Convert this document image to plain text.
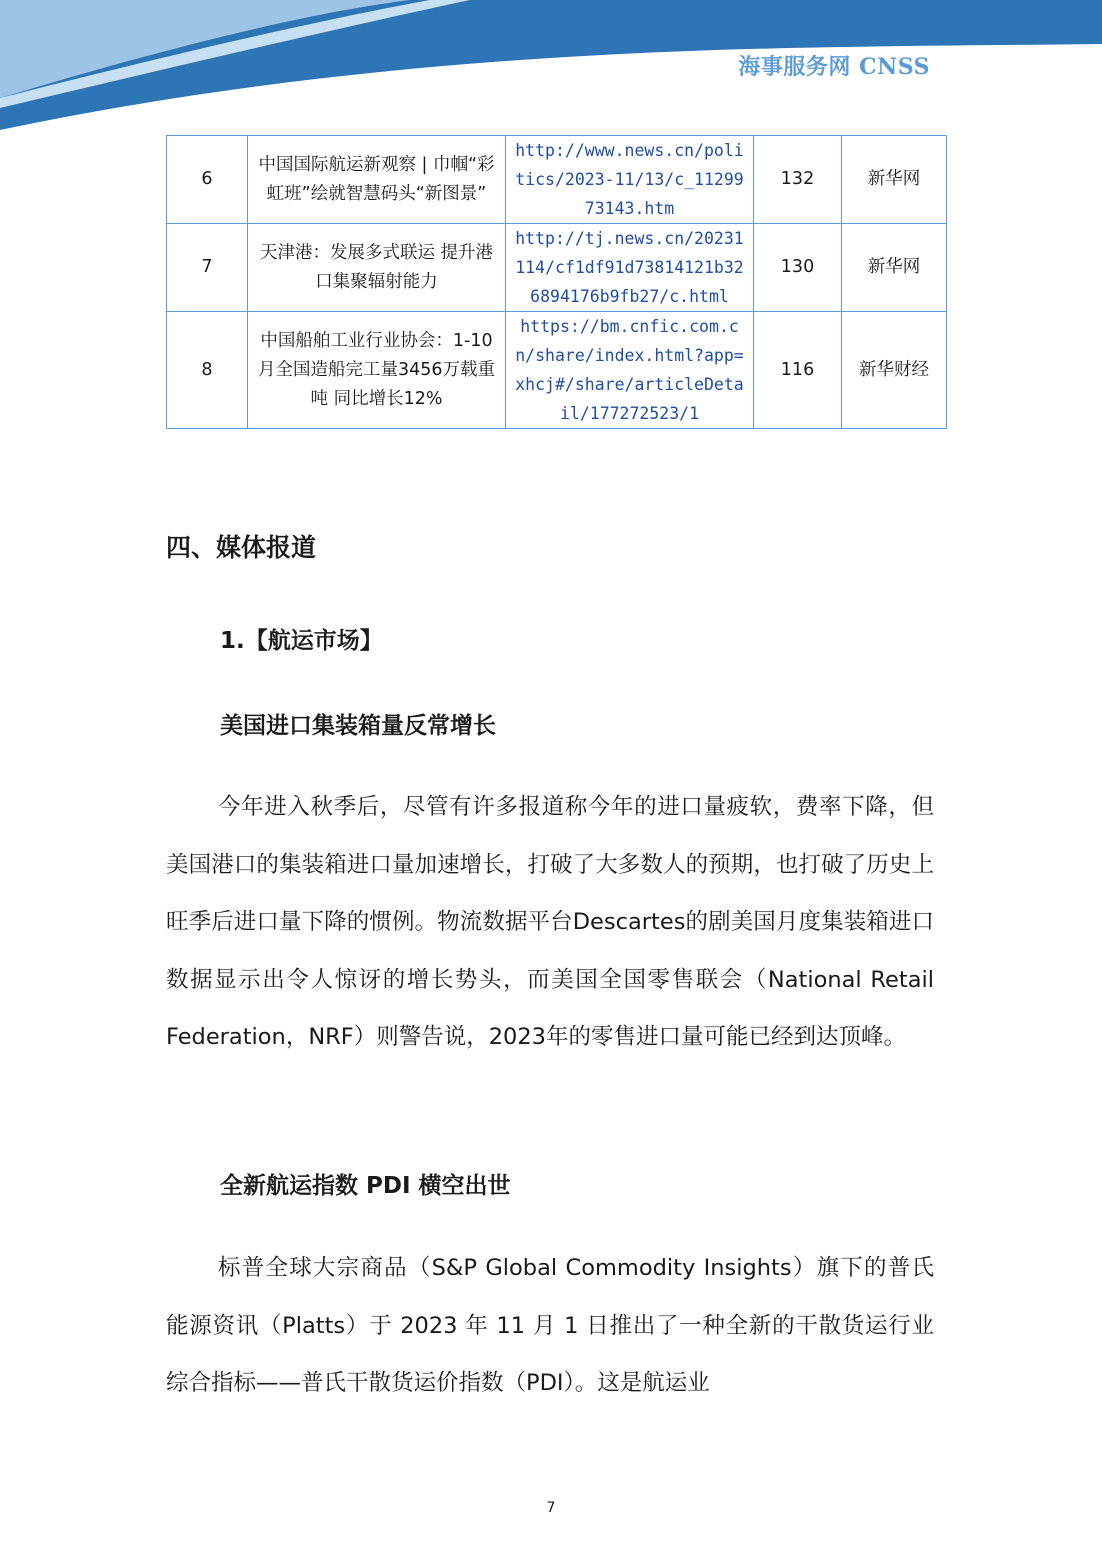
海事服务网 CNSS
6	中国国际航运新观察 | 巾帼“彩虹班”绘就智慧码头“新图景”	http://www.news.cn/politics/2023-11/13/c_1129973143.htm	132	新华网
7	天津港：发展多式联运 提升港口集聚辐射能力	http://tj.news.cn/20231114/cf1df91d73814121b326894176b9fb27/c.html	130	新华网
8	中国船舶工业行业协会：1-10月全国造船完工量3456万载重吨 同比增长12%	https://bm.cnfic.com.cn/share/index.html?app=xhcj#/share/articleDetail/177272523/1	116	新华财经
四、媒体报道
1.【航运市场】
美国进口集装箱量反常增长

今年进入秋季后，尽管有许多报道称今年的进口量疲软，费率下降，但美国港口的集装箱进口量加速增长，打破了大多数人的预期，也打破了历史上旺季后进口量下降的惯例。物流数据平台Descartes的剧美国月度集装箱进口数据显示出令人惊讶的增长势头，而美国全国零售联会（National Retail Federation，NRF）则警告说，2023年的零售进口量可能已经到达顶峰。

全新航运指数 PDI 横空出世

标普全球大宗商品（S&P Global Commodity Insights）旗下的普氏能源资讯（Platts）于 2023 年 11 月 1 日推出了一种全新的干散货运行业综合指标——普氏干散货运价指数（PDI）。这是航运业

7
